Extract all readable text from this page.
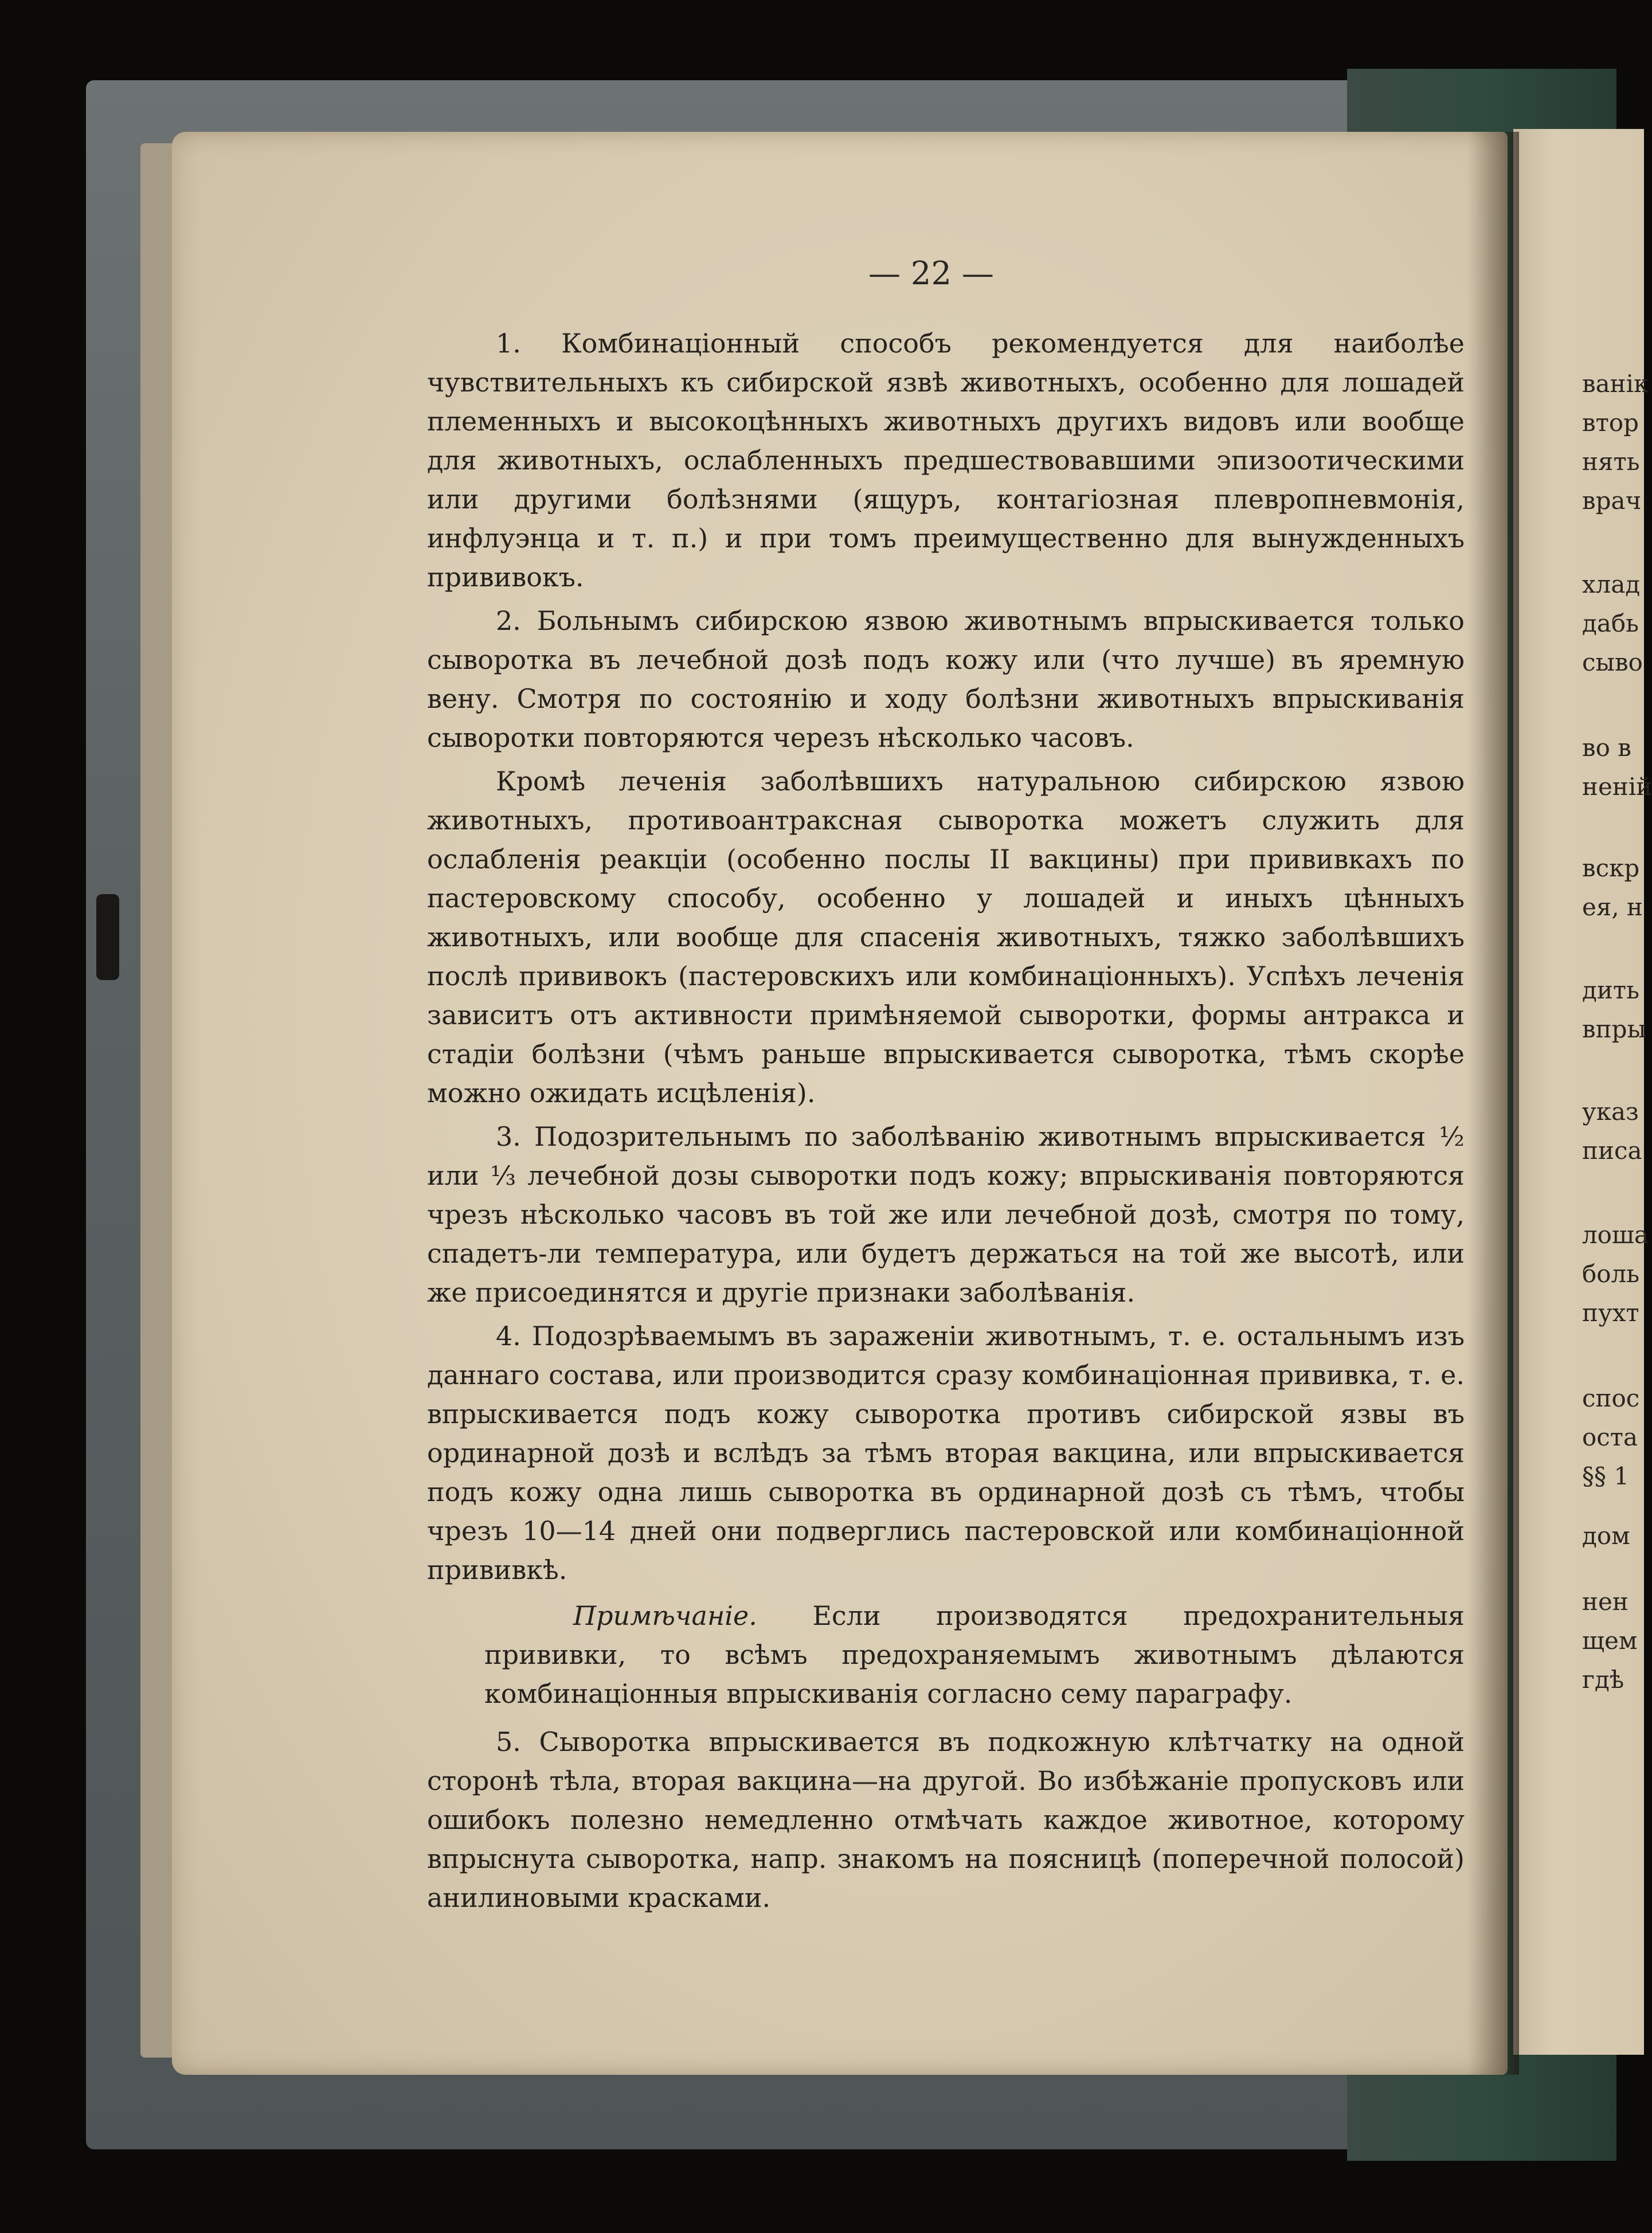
ванік
втор
нять
врач
хлад
дабь
сыво
во в
неній
вскр
ея, н
дить
впры
указ
писа
лоша
боль
пухт
спос
оста
§§ 1
дом
нен
щем
гдѣ
— 22 —

1. Комбинаціонный способъ рекомендуется для наиболѣе чувствительныхъ къ сибирской язвѣ животныхъ, особенно для лошадей племенныхъ и высокоцѣнныхъ животныхъ другихъ видовъ или вообще для животныхъ, ослабленныхъ предшествовавшими эпизоотическими или другими болѣзнями (ящуръ, контагіозная плевропневмонія, инфлуэнца и т. п.) и при томъ преимущественно для вынужденныхъ прививокъ.

2. Больнымъ сибирскою язвою животнымъ впрыскивается только сыворотка въ лечебной дозѣ подъ кожу или (что лучше) въ яремную вену. Смотря по состоянію и ходу болѣзни животныхъ впрыскиванія сыворотки повторяются черезъ нѣсколько часовъ.

Кромѣ леченія заболѣвшихъ натуральною сибирскою язвою животныхъ, противоантраксная сыворотка можетъ служить для ослабленія реакціи (особенно послы II вакцины) при прививкахъ по пастеровскому способу, особенно у лошадей и иныхъ цѣнныхъ животныхъ, или вообще для спасенія животныхъ, тяжко заболѣвшихъ послѣ прививокъ (пастеровскихъ или комбинаціонныхъ). Успѣхъ леченія зависитъ отъ активности примѣняемой сыворотки, формы антракса и стадіи болѣзни (чѣмъ раньше впрыскивается сыворотка, тѣмъ скорѣе можно ожидать исцѣленія).

3. Подозрительнымъ по заболѣванію животнымъ впрыскивается ½ или ⅓ лечебной дозы сыворотки подъ кожу; впрыскиванія повторяются чрезъ нѣсколько часовъ въ той же или лечебной дозѣ, смотря по тому, спадетъ-ли температура, или будетъ держаться на той же высотѣ, или же присоединятся и другіе признаки заболѣванія.

4. Подозрѣваемымъ въ зараженіи животнымъ, т. е. остальнымъ изъ даннаго состава, или производится сразу комбинаціонная прививка, т. е. впрыскивается подъ кожу сыворотка противъ сибирской язвы въ ординарной дозѣ и вслѣдъ за тѣмъ вторая вакцина, или впрыскивается подъ кожу одна лишь сыворотка въ ординарной дозѣ съ тѣмъ, чтобы чрезъ 10—14 дней они подверглись пастеровской или комбинаціонной прививкѣ.

Примѣчаніе. Если производятся предохранительныя прививки, то всѣмъ предохраняемымъ животнымъ дѣлаются комбинаціонныя впрыскиванія согласно сему параграфу.

5. Сыворотка впрыскивается въ подкожную клѣтчатку на одной сторонѣ тѣла, вторая вакцина—на другой. Во избѣжаніе пропусковъ или ошибокъ полезно немедленно отмѣчать каждое животное, которому впрыснута сыворотка, напр. знакомъ на поясницѣ (поперечной полосой) анилиновыми красками.
